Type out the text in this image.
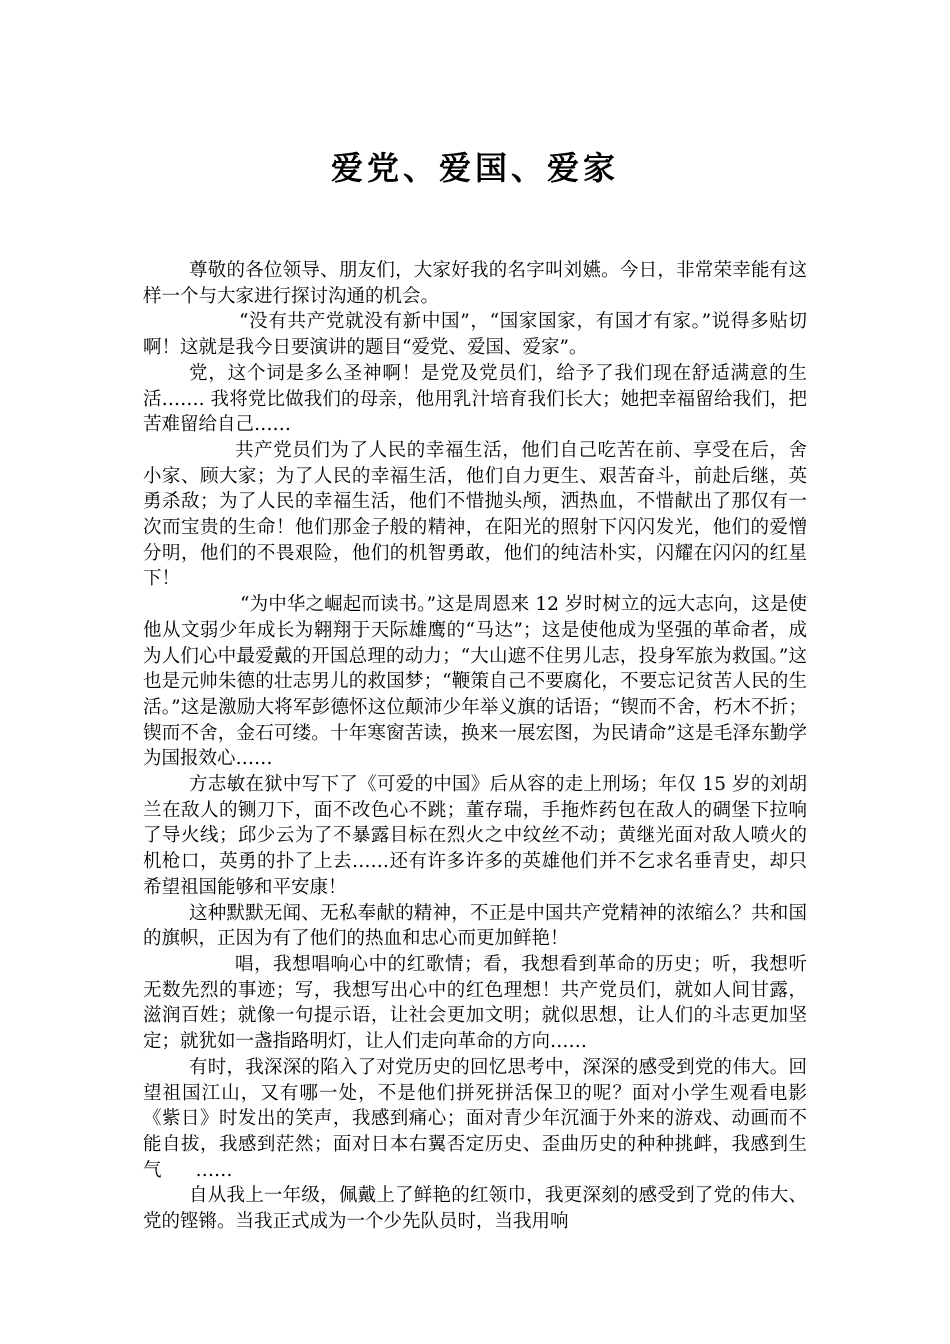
爱党、爱国、爱家

尊敬的各位领导、朋友们，大家好我的名字叫刘嬿。今日，非常荣幸能有这样一个与大家进行探讨沟通的机会。

“没有共产党就没有新中国”，“国家国家，有国才有家。”说得多贴切啊！这就是我今日要演讲的题目“爱党、爱国、爱家”。

党，这个词是多么圣神啊！是党及党员们，给予了我们现在舒适满意的生活……. 我将党比做我们的母亲，他用乳汁培育我们长大；她把幸福留给我们，把苦难留给自己……

共产党员们为了人民的幸福生活，他们自己吃苦在前、享受在后，舍小家、顾大家；为了人民的幸福生活，他们自力更生、艰苦奋斗，前赴后继，英勇杀敌；为了人民的幸福生活，他们不惜抛头颅，洒热血，不惜献出了那仅有一次而宝贵的生命！他们那金子般的精神，在阳光的照射下闪闪发光，他们的爱憎分明，他们的不畏艰险，他们的机智勇敢，他们的纯洁朴实，闪耀在闪闪的红星下！

“为中华之崛起而读书。”这是周恩来 12 岁时树立的远大志向，这是使他从文弱少年成长为翱翔于天际雄鹰的“马达”；这是使他成为坚强的革命者，成为人们心中最爱戴的开国总理的动力；“大山遮不住男儿志，投身军旅为救国。”这也是元帅朱德的壮志男儿的救国梦；“鞭策自己不要腐化，不要忘记贫苦人民的生活。”这是激励大将军彭德怀这位颠沛少年举义旗的话语；“锲而不舍，朽木不折；锲而不舍，金石可缕。十年寒窗苦读，换来一展宏图，为民请命”这是毛泽东勤学为国报效心……

方志敏在狱中写下了《可爱的中国》后从容的走上刑场；年仅 15 岁的刘胡兰在敌人的铡刀下，面不改色心不跳；董存瑞，手拖炸药包在敌人的碉堡下拉响了导火线；邱少云为了不暴露目标在烈火之中纹丝不动；黄继光面对敌人喷火的机枪口，英勇的扑了上去……还有许多许多的英雄他们并不乞求名垂青史，却只希望祖国能够和平安康！

这种默默无闻、无私奉献的精神，不正是中国共产党精神的浓缩么？共和国的旗帜，正因为有了他们的热血和忠心而更加鲜艳！

唱，我想唱响心中的红歌情；看，我想看到革命的历史；听，我想听无数先烈的事迹；写，我想写出心中的红色理想！共产党员们，就如人间甘露，滋润百姓；就像一句提示语，让社会更加文明；就似思想，让人们的斗志更加坚定；就犹如一盏指路明灯，让人们走向革命的方向……

有时，我深深的陷入了对党历史的回忆思考中，深深的感受到党的伟大。回望祖国江山，又有哪一处，不是他们拼死拼活保卫的呢？面对小学生观看电影《紫日》时发出的笑声，我感到痛心；面对青少年沉湎于外来的游戏、动画而不能自拔，我感到茫然；面对日本右翼否定历史、歪曲历史的种种挑衅，我感到生气 ……

自从我上一年级，佩戴上了鲜艳的红领巾，我更深刻的感受到了党的伟大、党的铿锵。当我正式成为一个少先队员时，当我用响
